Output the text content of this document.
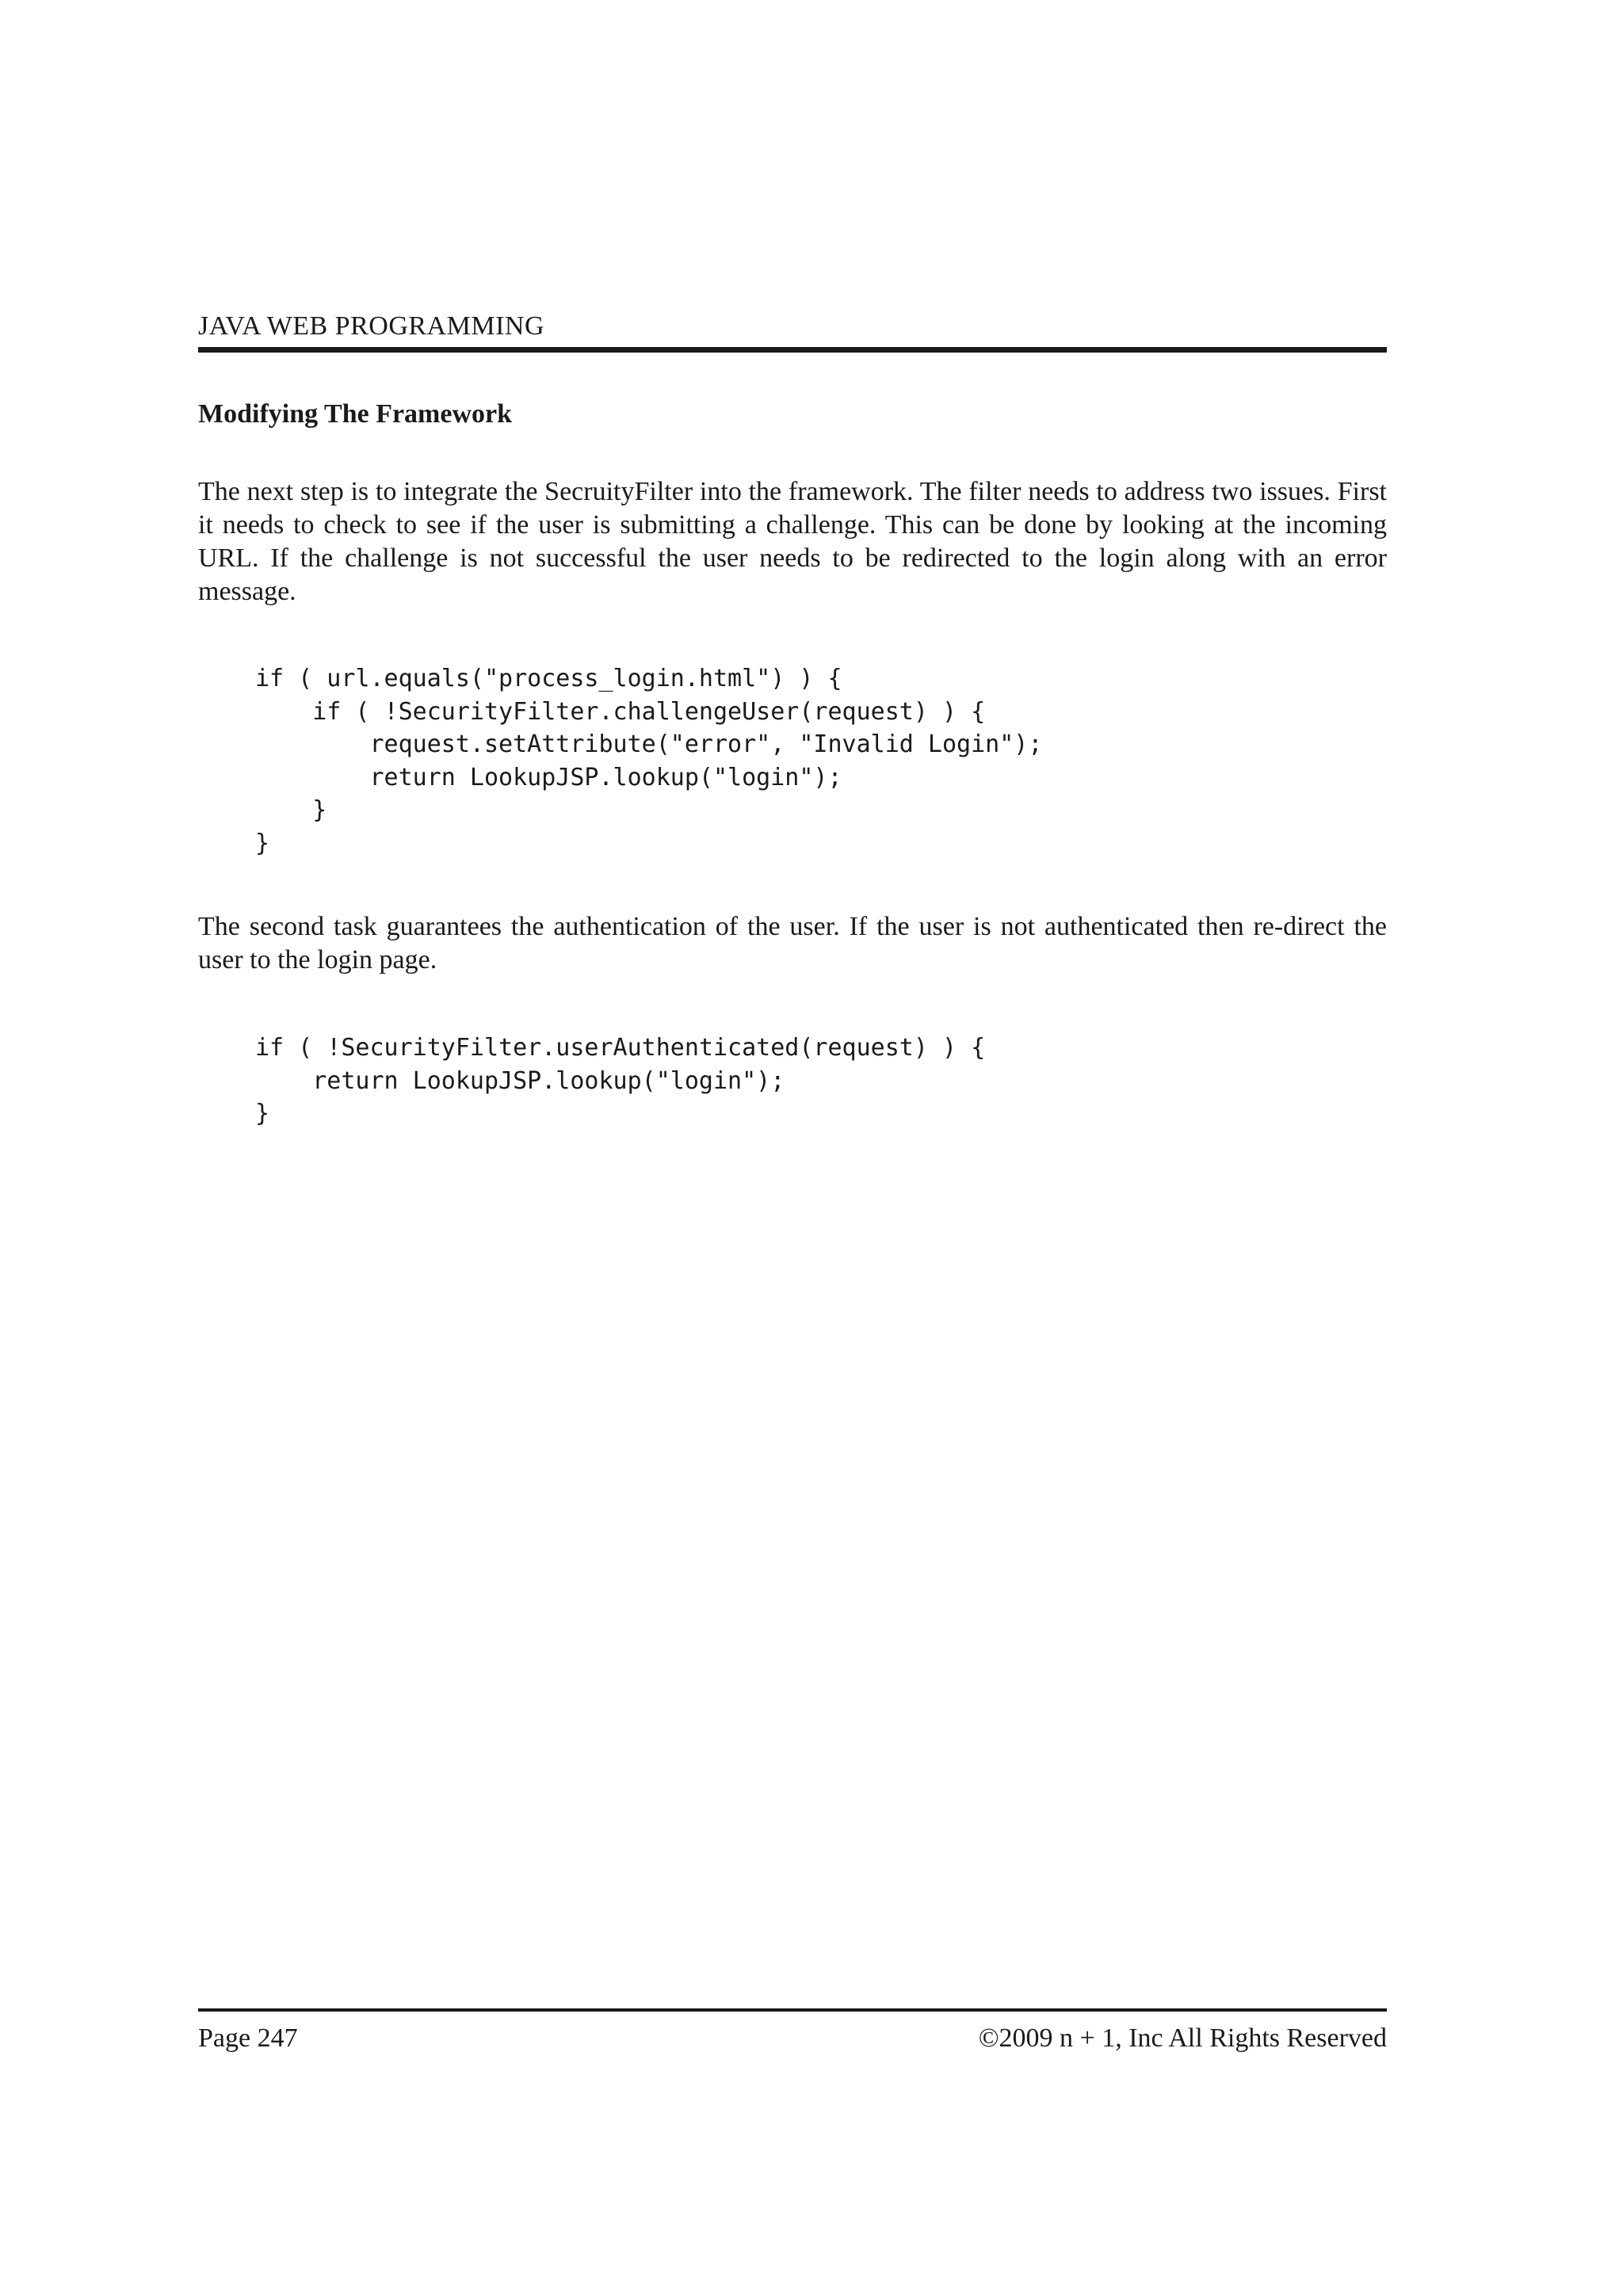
JAVA WEB PROGRAMMING
Modifying The Framework

The next step is to integrate the SecruityFilter into the framework. The filter needs to address two issues. First it needs to check to see if the user is submitting a challenge. This can be done by looking at the incoming URL. If the challenge is not successful the user needs to be redirected to the login along with an error message.

if ( url.equals("process_login.html") ) {
if ( !SecurityFilter.challengeUser(request) ) {
request.setAttribute("error", "Invalid Login");
return LookupJSP.lookup("login");
}
}

The second task guarantees the authentication of the user. If the user is not authenticated then re-direct the user to the login page.

if ( !SecurityFilter.userAuthenticated(request) ) {
return LookupJSP.lookup("login");
}
Page 247	©2009 n + 1, Inc All Rights Reserved
